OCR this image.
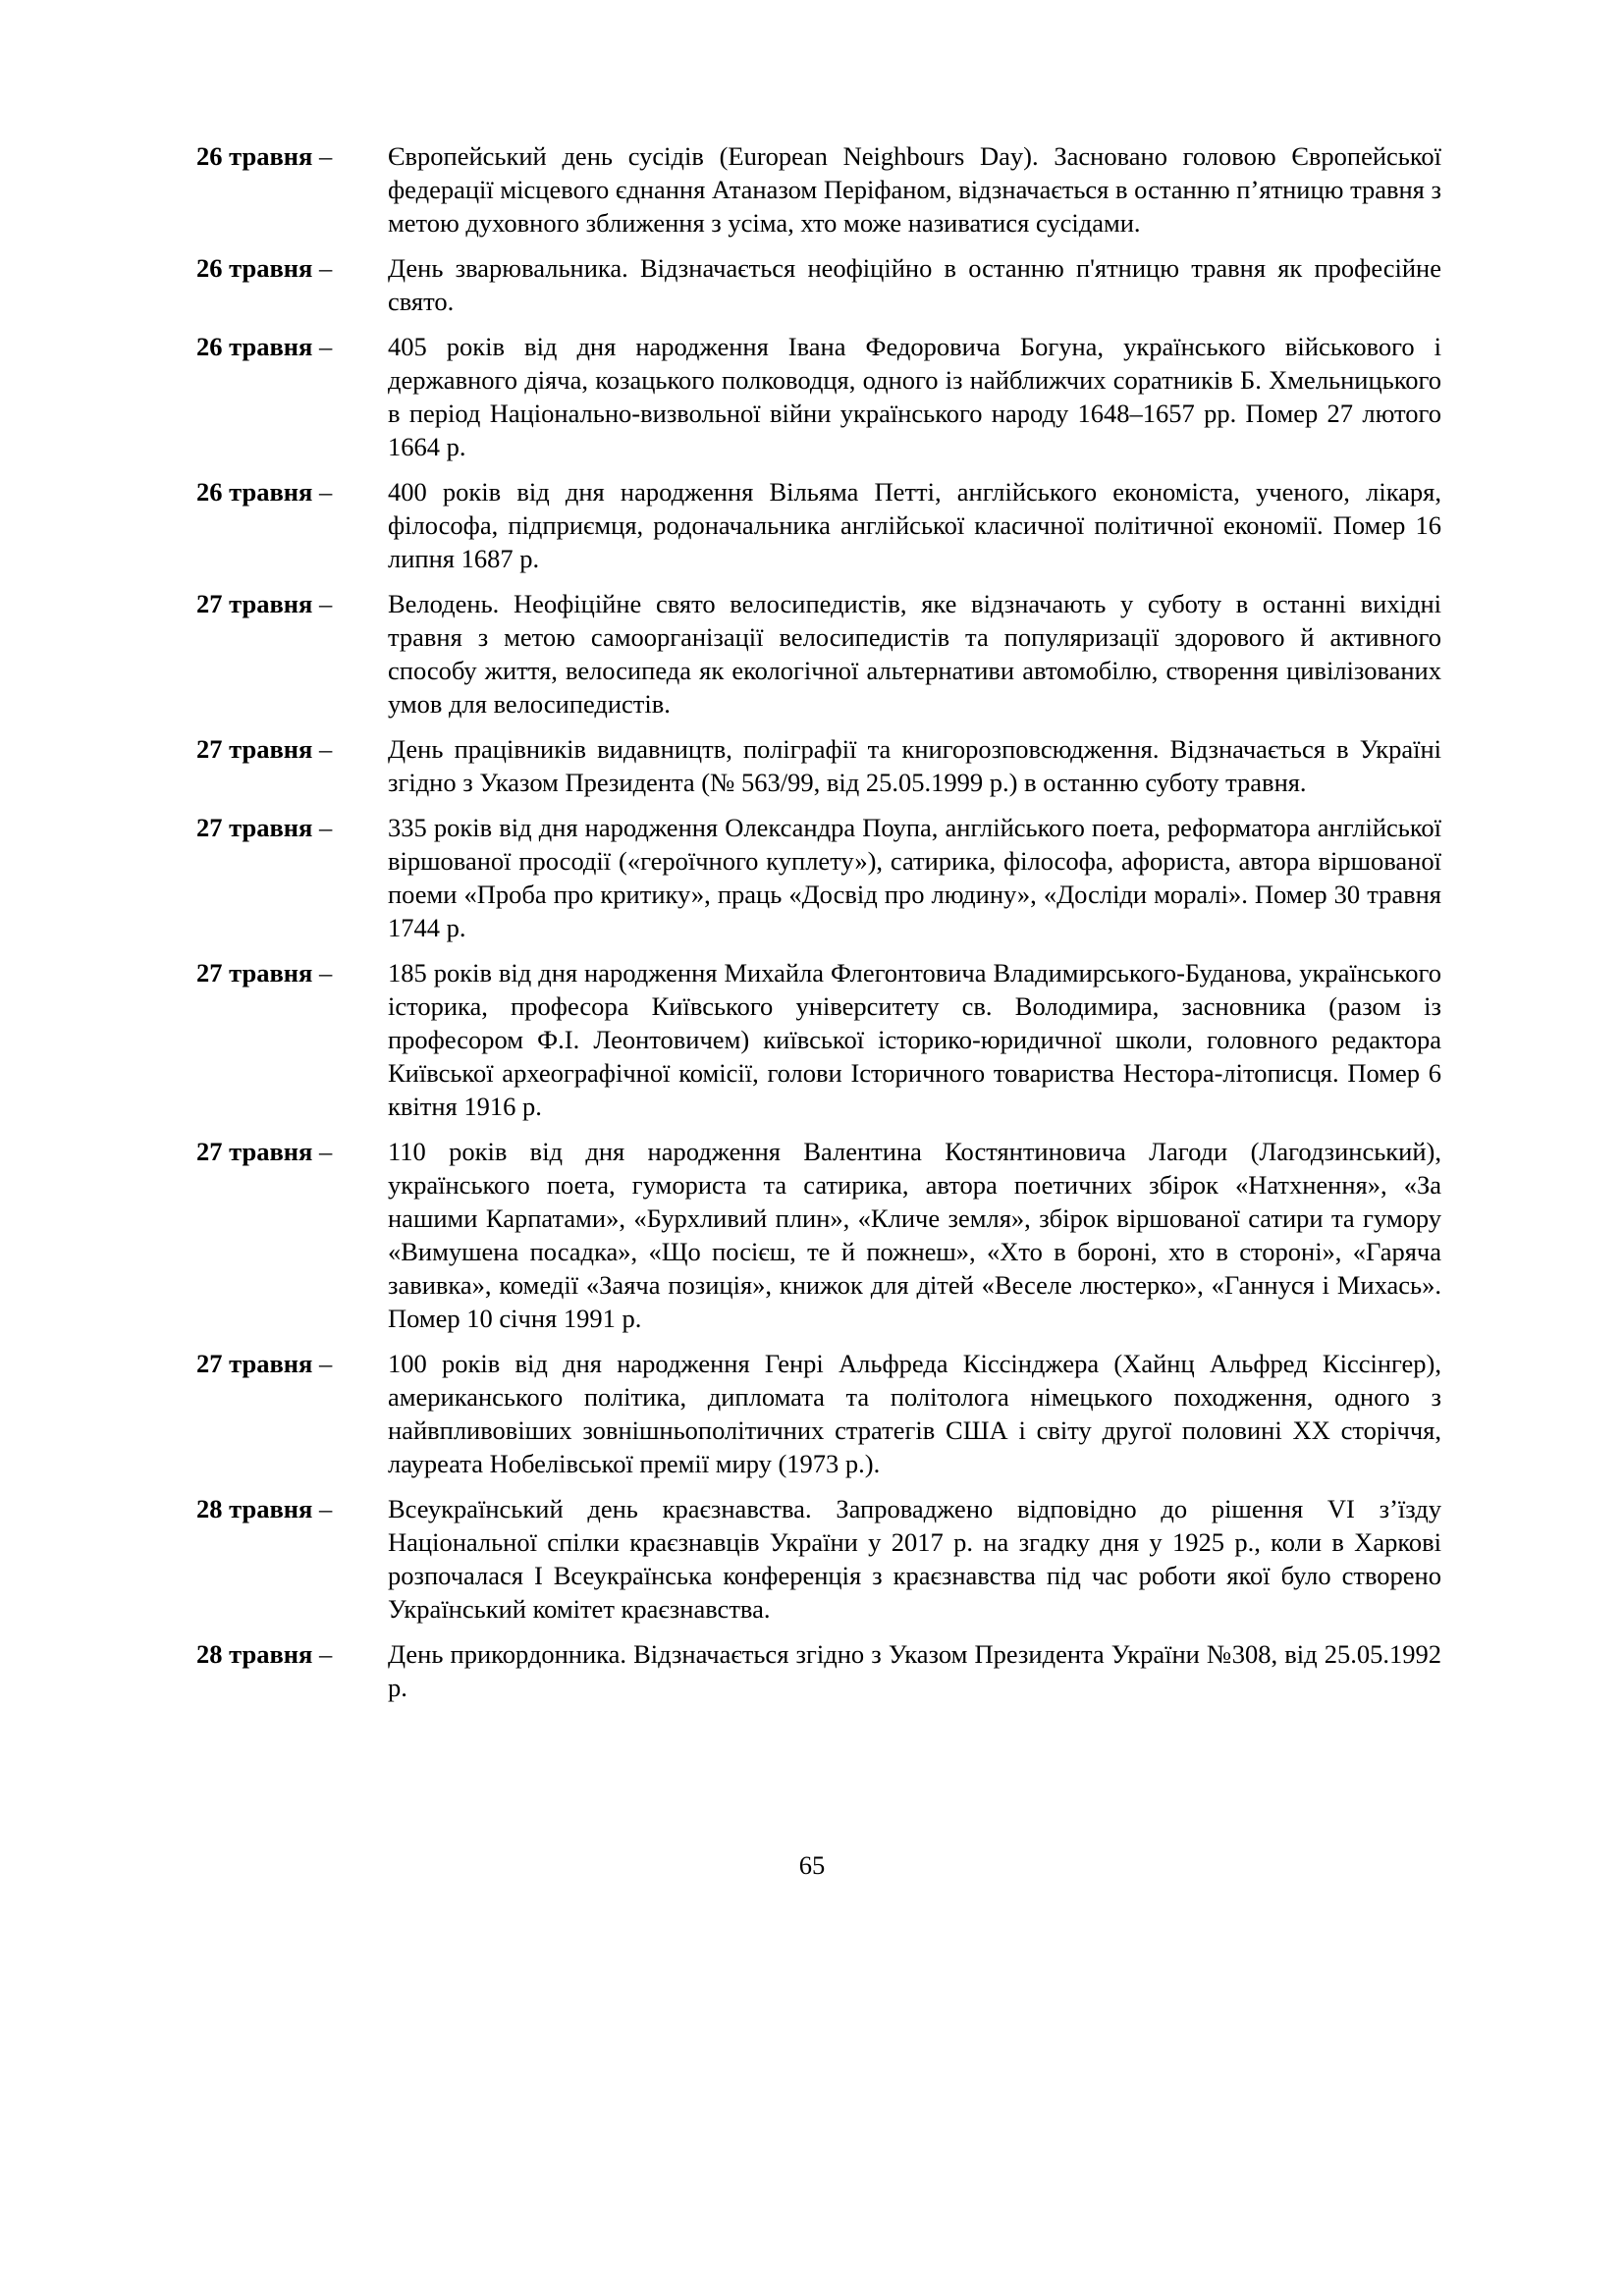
26 травня – Європейський день сусідів (European Neighbours Day). Засновано головою Європейської федерації місцевого єднання Атаназом Періфаном, відзначається в останню п’ятницю травня з метою духовного зближення з усіма, хто може називатися сусідами.
26 травня – День зварювальника. Відзначається неофіційно в останню п'ятницю травня як професійне свято.
26 травня – 405 років від дня народження Івана Федоровича Богуна, українського військового і державного діяча, козацького полководця, одного із найближчих соратників Б. Хмельницького в період Національно-визвольної війни українського народу 1648–1657 рр. Помер 27 лютого 1664 р.
26 травня – 400 років від дня народження Вільяма Петті, англійського економіста, ученого, лікаря, філософа, підприємця, родоначальника англійської класичної політичної економії. Помер 16 липня 1687 р.
27 травня – Велодень. Неофіційне свято велосипедистів, яке відзначають у суботу в останні вихідні травня з метою самоорганізації велосипедистів та популяризації здорового й активного способу життя, велосипеда як екологічної альтернативи автомобілю, створення цивілізованих умов для велосипедистів.
27 травня – День працівників видавництв, поліграфії та книгорозповсюдження. Відзначається в Україні згідно з Указом Президента (№ 563/99, від 25.05.1999 р.) в останню суботу травня.
27 травня – 335 років від дня народження Олександра Поупа, англійського поета, реформатора англійської віршованої просодії («героїчного куплету»), сатирика, філософа, афориста, автора віршованої поеми «Проба про критику», праць «Досвід про людину», «Досліди моралі». Помер 30 травня 1744 р.
27 травня – 185 років від дня народження Михайла Флегонтовича Владимирського-Буданова, українського історика, професора Київського університету св. Володимира, засновника (разом із професором Ф.І. Леонтовичем) київської історико-юридичної школи, головного редактора Київської археографічної комісії, голови Історичного товариства Нестора-літописця. Помер 6 квітня 1916 р.
27 травня – 110 років від дня народження Валентина Костянтиновича Лагоди (Лагодзинський), українського поета, гумориста та сатирика, автора поетичних збірок «Натхнення», «За нашими Карпатами», «Бурхливий плин», «Кличе земля», збірок віршованої сатири та гумору «Вимушена посадка», «Що посієш, те й пожнеш», «Хто в бороні, хто в стороні», «Гаряча завивка», комедії «Заяча позиція», книжок для дітей «Веселе люстерко», «Ганнуся і Михась». Помер 10 січня 1991 р.
27 травня – 100 років від дня народження Генрі Альфреда Кіссінджера (Хайнц Альфред Кіссінгер), американського політика, дипломата та політолога німецького походження, одного з найвпливовіших зовнішньополітичних стратегів США і світу другої половині XX сторіччя, лауреата Нобелівської премії миру (1973 р.).
28 травня – Всеукраїнський день краєзнавства. Запроваджено відповідно до рішення VI з’їзду Національної спілки краєзнавців України у 2017 р. на згадку дня у 1925 р., коли в Харкові розпочалася І Всеукраїнська конференція з краєзнавства під час роботи якої було створено Український комітет краєзнавства.
28 травня – День прикордонника. Відзначається згідно з Указом Президента України №308, від 25.05.1992 р.
65
